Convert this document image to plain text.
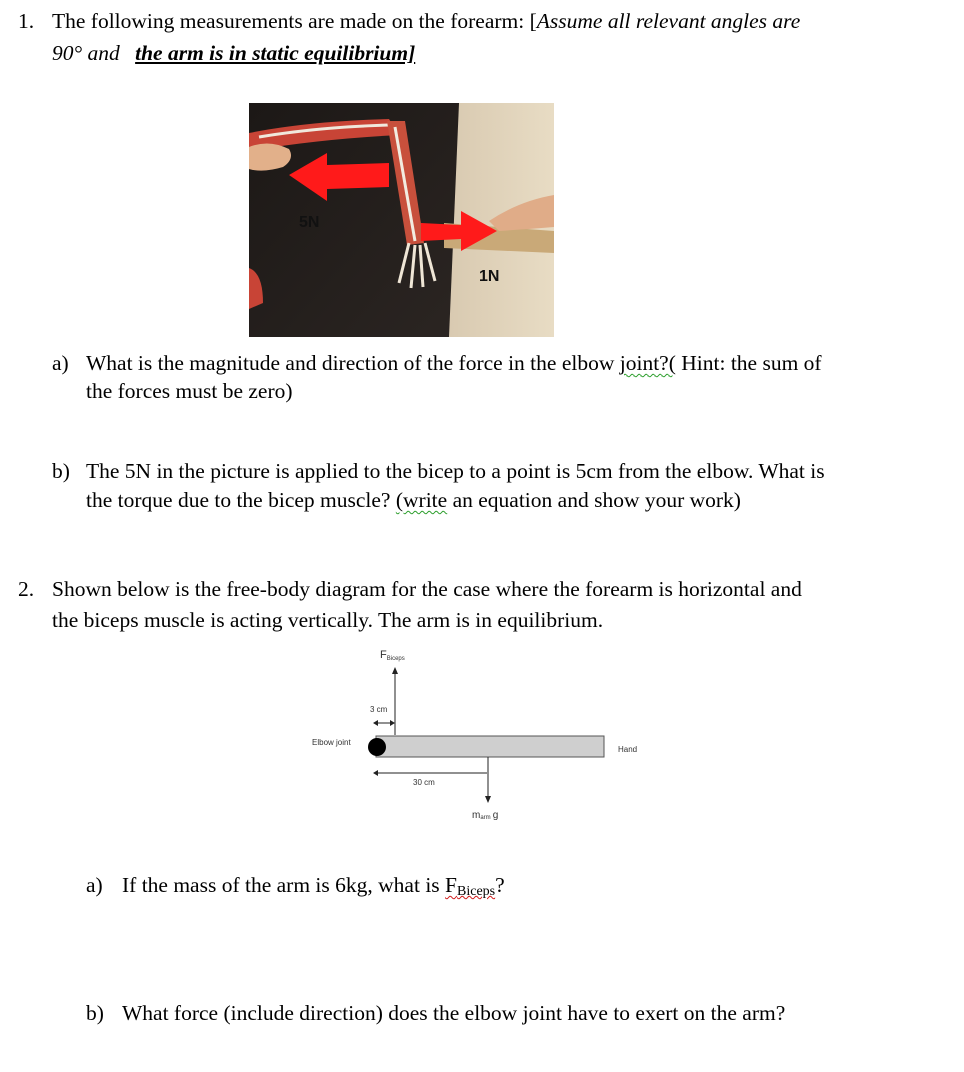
1. The following measurements are made on the forearm: [Assume all relevant angles are
90° and the arm is in static equilibrium]
5N
1N
a) What is the magnitude and direction of the force in the elbow joint?( Hint: the sum of
the forces must be zero)
b) The 5N in the picture is applied to the bicep to a point is 5cm from the elbow. What is
the torque due to the bicep muscle? (write an equation and show your work)
2. Shown below is the free-body diagram for the case where the forearm is horizontal and
the biceps muscle is acting vertically. The arm is in equilibrium.
FBiceps
3 cm
Elbow joint
Hand
30 cm
marm g
a) If the mass of the arm is 6kg, what is $F_{Biceps}$?
b) What force (include direction) does the elbow joint have to exert on the arm?
